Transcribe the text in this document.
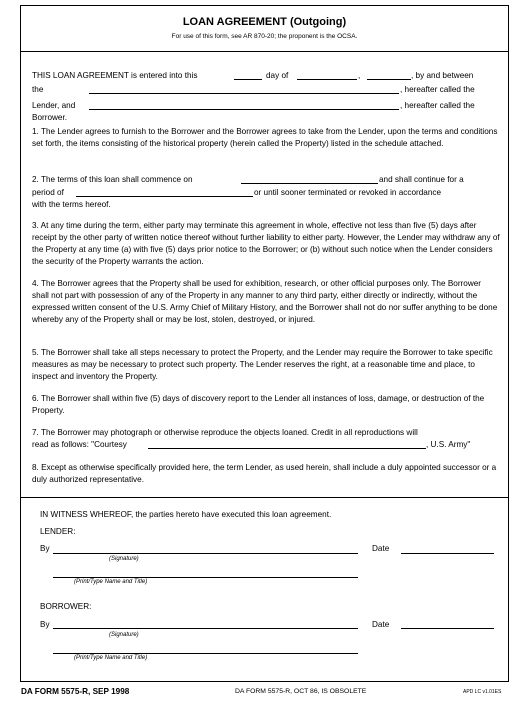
LOAN AGREEMENT (Outgoing)
For use of this form, see AR 870-20; the proponent is the OCSA.
THIS LOAN AGREEMENT is entered into this	day of	,	, by and between
the	, hereafter called the
Lender, and	, hereafter called the
Borrower.
1. The Lender agrees to furnish to the Borrower and the Borrower agrees to take from the Lender, upon the terms and conditions set forth, the items consisting of the historical property (herein called the Property) listed in the schedule attached.
2. The terms of this loan shall commence on	and shall continue for a
period of	or until sooner terminated or revoked in accordance
with the terms hereof.
3. At any time during the term, either party may terminate this agreement in whole, effective not less than five (5) days after receipt by the other party of written notice thereof without further liability to either party. However, the Lender may withdraw any of the Property at any time (a) with five (5) days prior notice to the Borrower; or (b) without such notice when the Lender considers the security of the Property warrants the action.
4. The Borrower agrees that the Property shall be used for exhibition, research, or other official purposes only. The Borrower shall not part with possession of any of the Property in any manner to any third party, either directly or indirectly, without the expressed written consent of the U.S. Army Chief of Military History, and the Borrower shall not do nor suffer anything to be done whereby any of the Property shall or may be lost, stolen, destroyed, or injured.
5. The Borrower shall take all steps necessary to protect the Property, and the Lender may require the Borrower to take specific measures as may be necessary to protect such property. The Lender reserves the right, at a reasonable time and place, to inspect and inventory the Property.
6. The Borrower shall within five (5) days of discovery report to the Lender all instances of loss, damage, or destruction of the Property.
7. The Borrower may photograph or otherwise reproduce the objects loaned. Credit in all reproductions will
read as follows: "Courtesy	, U.S. Army"
8. Except as otherwise specifically provided here, the term Lender, as used herein, shall include a duly appointed successor or a duly authorized representative.
IN WITNESS WHEREOF, the parties hereto have executed this loan agreement.
LENDER:
By	Date
(Signature)
(Print/Type Name and Title)
BORROWER:
By	Date
(Signature)
(Print/Type Name and Title)
DA FORM 5575-R, SEP 1998	DA FORM 5575-R, OCT 86, IS OBSOLETE	APD LC v1.01ES
